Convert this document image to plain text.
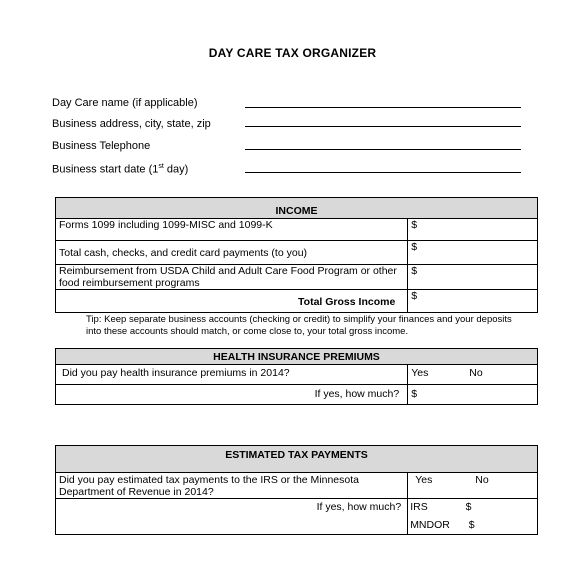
DAY CARE TAX ORGANIZER
Day Care name (if applicable)
Business address, city, state, zip
Business Telephone
Business start date (1st day)
INCOME	
Forms 1099 including 1099-MISC and 1099-K	$
Total cash, checks, and credit card payments (to you)	$
Reimbursement from USDA Child and Adult Care Food Program or other food reimbursement programs	$
Total Gross Income	$
Tip: Keep separate business accounts (checking or credit) to simplify your finances and your deposits into these accounts should match, or come close to, your total gross income.
HEALTH INSURANCE PREMIUMS	
Did you pay health insurance premiums in 2014?	Yes No
If yes, how much?	$
ESTIMATED TAX PAYMENTS	
Did you pay estimated tax payments to the IRS or the Minnesota Department of Revenue in 2014?	Yes No
If yes, how much?	IRS $
MNDOR $
